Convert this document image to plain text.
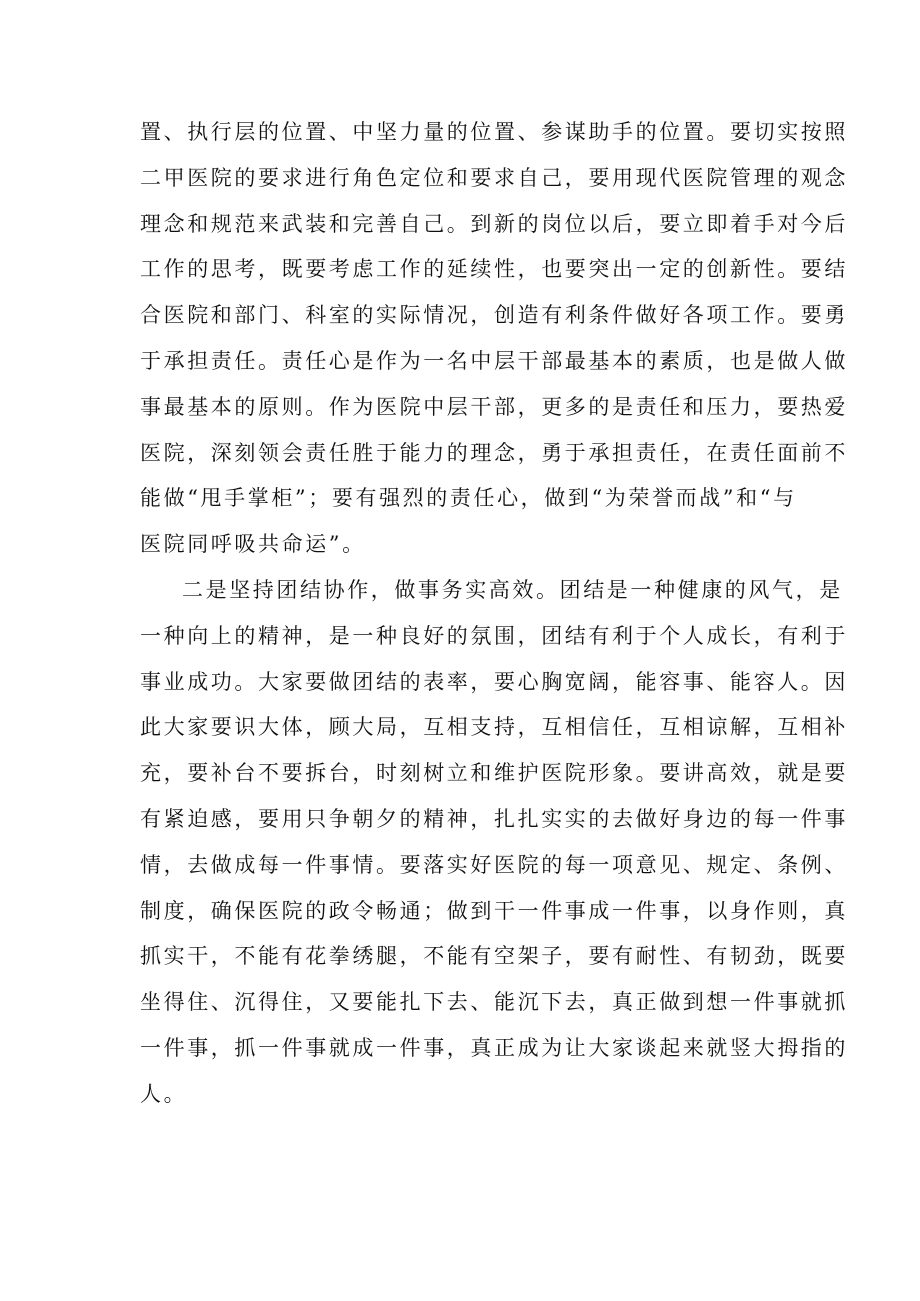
置、执行层的位置、中坚力量的位置、参谋助手的位置。要切实按照
二甲医院的要求进行角色定位和要求自己，要用现代医院管理的观念
理念和规范来武装和完善自己。到新的岗位以后，要立即着手对今后
工作的思考，既要考虑工作的延续性，也要突出一定的创新性。要结
合医院和部门、科室的实际情况，创造有利条件做好各项工作。要勇
于承担责任。责任心是作为一名中层干部最基本的素质，也是做人做
事最基本的原则。作为医院中层干部，更多的是责任和压力，要热爱
医院，深刻领会责任胜于能力的理念，勇于承担责任，在责任面前不
能做“甩手掌柜”；要有强烈的责任心，做到“为荣誉而战”和“与
医院同呼吸共命运”。
二是坚持团结协作，做事务实高效。团结是一种健康的风气，是
一种向上的精神，是一种良好的氛围，团结有利于个人成长，有利于
事业成功。大家要做团结的表率，要心胸宽阔，能容事、能容人。因
此大家要识大体，顾大局，互相支持，互相信任，互相谅解，互相补
充，要补台不要拆台，时刻树立和维护医院形象。要讲高效，就是要
有紧迫感，要用只争朝夕的精神，扎扎实实的去做好身边的每一件事
情，去做成每一件事情。要落实好医院的每一项意见、规定、条例、
制度，确保医院的政令畅通；做到干一件事成一件事，以身作则，真
抓实干，不能有花拳绣腿，不能有空架子，要有耐性、有韧劲，既要
坐得住、沉得住，又要能扎下去、能沉下去，真正做到想一件事就抓
一件事，抓一件事就成一件事，真正成为让大家谈起来就竖大拇指的
人。
